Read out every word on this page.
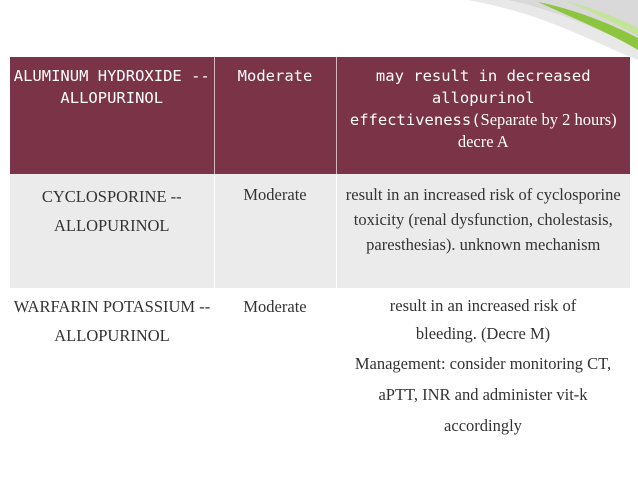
ALUMINUM HYDROXIDE -- ALLOPURINOL	Moderate	may result in decreased allopurinol effectiveness(Separate by 2 hours) decre A

CYCLOSPORINE -- ALLOPURINOL	Moderate	result in an increased risk of cyclosporine toxicity (renal dysfunction, cholestasis, paresthesias). unknown mechanism

WARFARIN POTASSIUM -- ALLOPURINOL	Moderate	result in an increased risk of
bleeding. (Decre M)
Management: consider monitoring CT, aPTT, INR and administer vit-k accordingly
